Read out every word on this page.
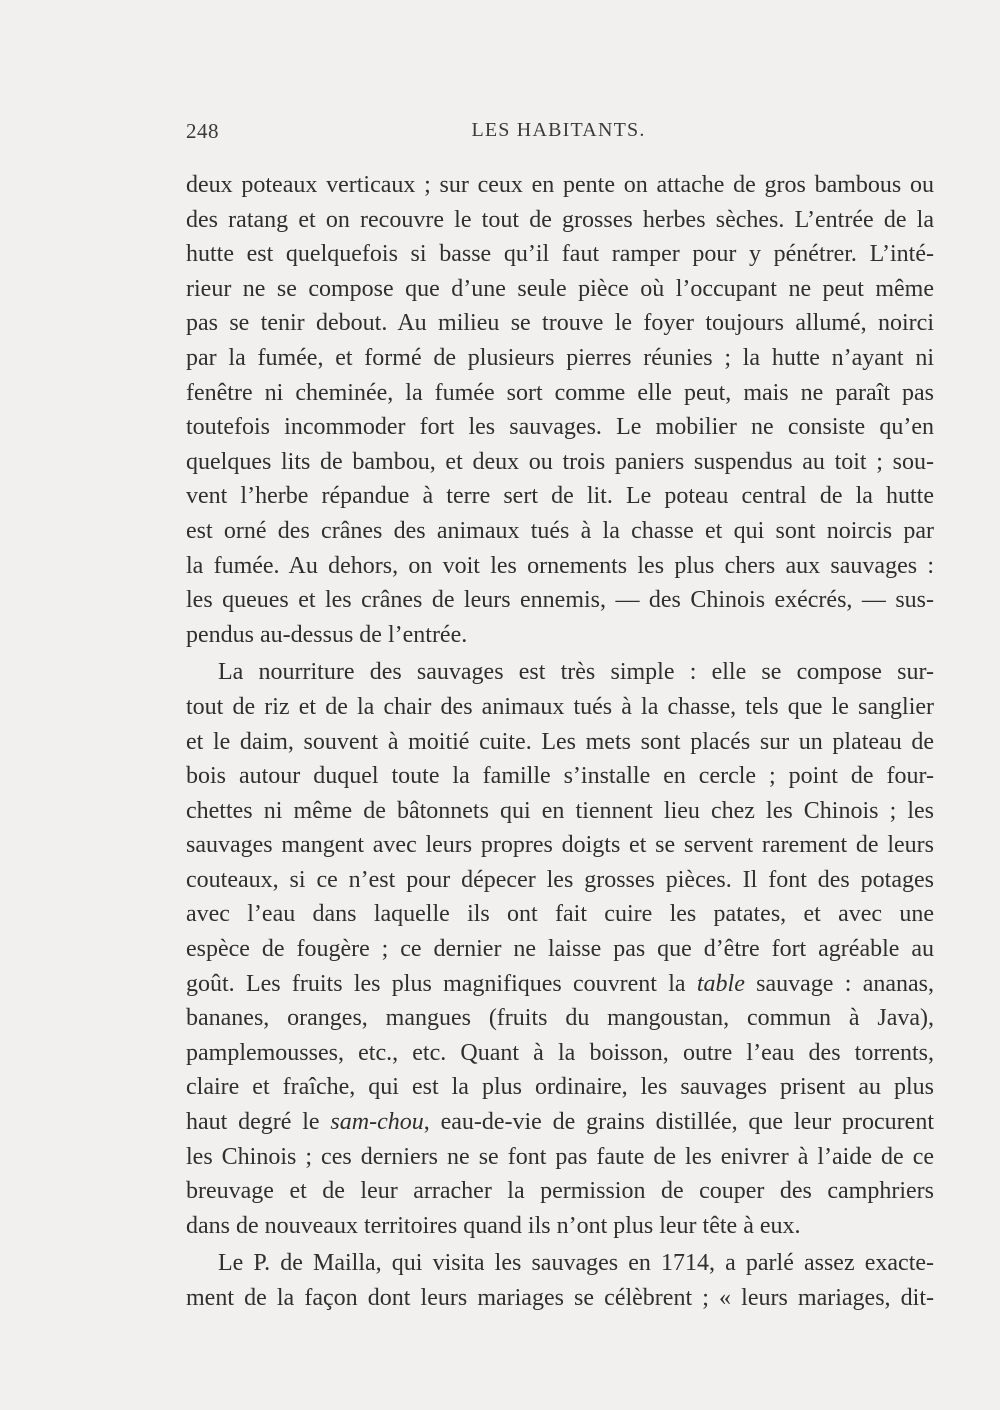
248	LES HABITANTS.
deux poteaux verticaux ; sur ceux en pente on attache de gros bambous ou
des ratang et on recouvre le tout de grosses herbes sèches. L’entrée de la
hutte est quelquefois si basse qu’il faut ramper pour y pénétrer. L’inté-
rieur ne se compose que d’une seule pièce où l’occupant ne peut même
pas se tenir debout. Au milieu se trouve le foyer toujours allumé, noirci
par la fumée, et formé de plusieurs pierres réunies ; la hutte n’ayant ni
fenêtre ni cheminée, la fumée sort comme elle peut, mais ne paraît pas
toutefois incommoder fort les sauvages. Le mobilier ne consiste qu’en
quelques lits de bambou, et deux ou trois paniers suspendus au toit ; sou-
vent l’herbe répandue à terre sert de lit. Le poteau central de la hutte
est orné des crânes des animaux tués à la chasse et qui sont noircis par
la fumée. Au dehors, on voit les ornements les plus chers aux sauvages :
les queues et les crânes de leurs ennemis, — des Chinois exécrés, — sus-
pendus au-dessus de l’entrée.
La nourriture des sauvages est très simple : elle se compose sur-
tout de riz et de la chair des animaux tués à la chasse, tels que le sanglier
et le daim, souvent à moitié cuite. Les mets sont placés sur un plateau de
bois autour duquel toute la famille s’installe en cercle ; point de four-
chettes ni même de bâtonnets qui en tiennent lieu chez les Chinois ; les
sauvages mangent avec leurs propres doigts et se servent rarement de leurs
couteaux, si ce n’est pour dépecer les grosses pièces. Il font des potages
avec l’eau dans laquelle ils ont fait cuire les patates, et avec une
espèce de fougère ; ce dernier ne laisse pas que d’être fort agréable au
goût. Les fruits les plus magnifiques couvrent la table sauvage : ananas,
bananes, oranges, mangues (fruits du mangoustan, commun à Java),
pamplemousses, etc., etc. Quant à la boisson, outre l’eau des torrents,
claire et fraîche, qui est la plus ordinaire, les sauvages prisent au plus
haut degré le sam-chou, eau-de-vie de grains distillée, que leur procurent
les Chinois ; ces derniers ne se font pas faute de les enivrer à l’aide de ce
breuvage et de leur arracher la permission de couper des camphriers
dans de nouveaux territoires quand ils n’ont plus leur tête à eux.
Le P. de Mailla, qui visita les sauvages en 1714, a parlé assez exacte-
ment de la façon dont leurs mariages se célèbrent ; « leurs mariages, dit-
